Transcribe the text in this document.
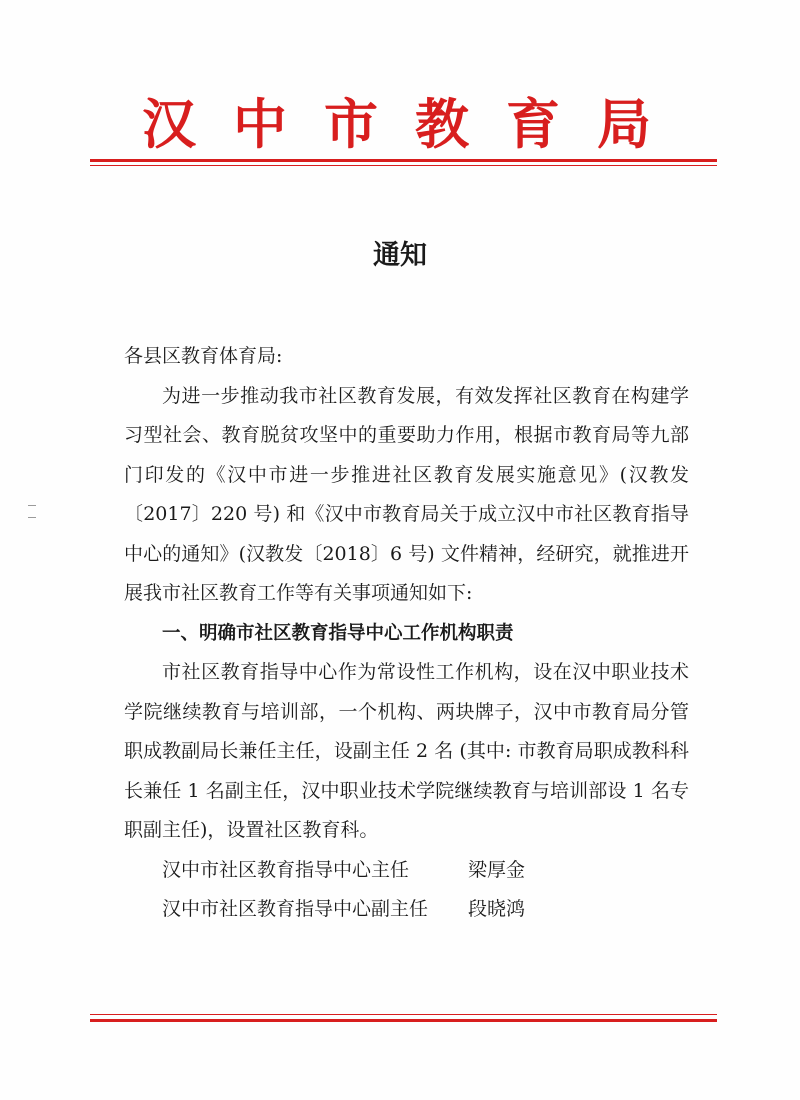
汉中市教育局
通知

各县区教育体育局:

为进一步推动我市社区教育发展，有效发挥社区教育在构建学习型社会、教育脱贫攻坚中的重要助力作用，根据市教育局等九部门印发的《汉中市进一步推进社区教育发展实施意见》(汉教发〔2017〕220 号) 和《汉中市教育局关于成立汉中市社区教育指导中心的通知》(汉教发〔2018〕6 号) 文件精神，经研究，就推进开展我市社区教育工作等有关事项通知如下:

一、明确市社区教育指导中心工作机构职责

市社区教育指导中心作为常设性工作机构，设在汉中职业技术学院继续教育与培训部，一个机构、两块牌子，汉中市教育局分管职成教副局长兼任主任，设副主任 2 名 (其中: 市教育局职成教科科长兼任 1 名副主任，汉中职业技术学院继续教育与培训部设 1 名专职副主任)，设置社区教育科。

汉中市社区教育指导中心主任	梁厚金
汉中市社区教育指导中心副主任	段晓鸿
